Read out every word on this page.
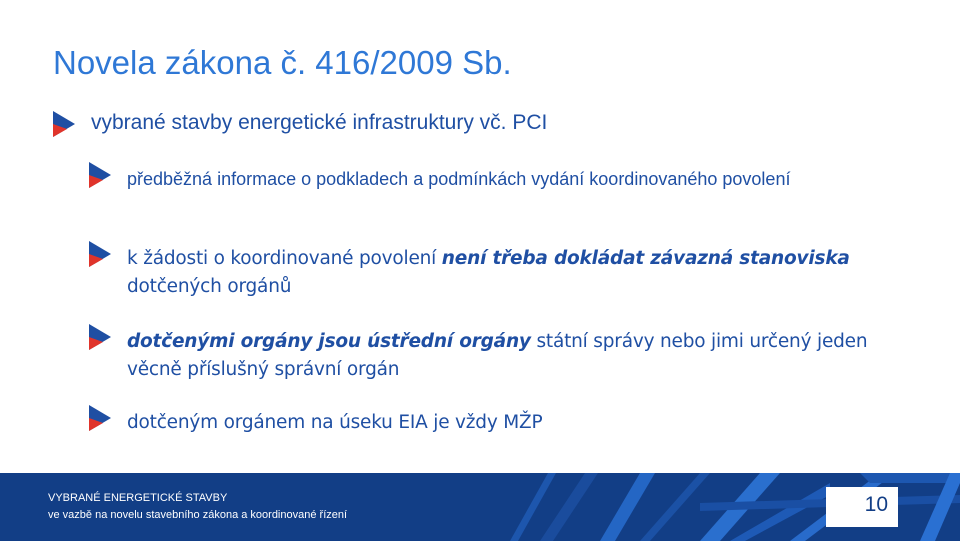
Novela zákona č. 416/2009 Sb.
vybrané stavby energetické infrastruktury vč. PCI
předběžná informace o podkladech a podmínkách vydání koordinovaného povolení
k žádosti o koordinované povolení není třeba dokládat závazná stanoviska dotčených orgánů
dotčenými orgány jsou ústřední orgány státní správy nebo jimi určený jeden věcně příslušný správní orgán
dotčeným orgánem na úseku EIA je vždy MŽP
VYBRANÉ ENERGETICKÉ STAVBY
ve vazbě na novelu stavebního zákona a koordinované řízení	10
